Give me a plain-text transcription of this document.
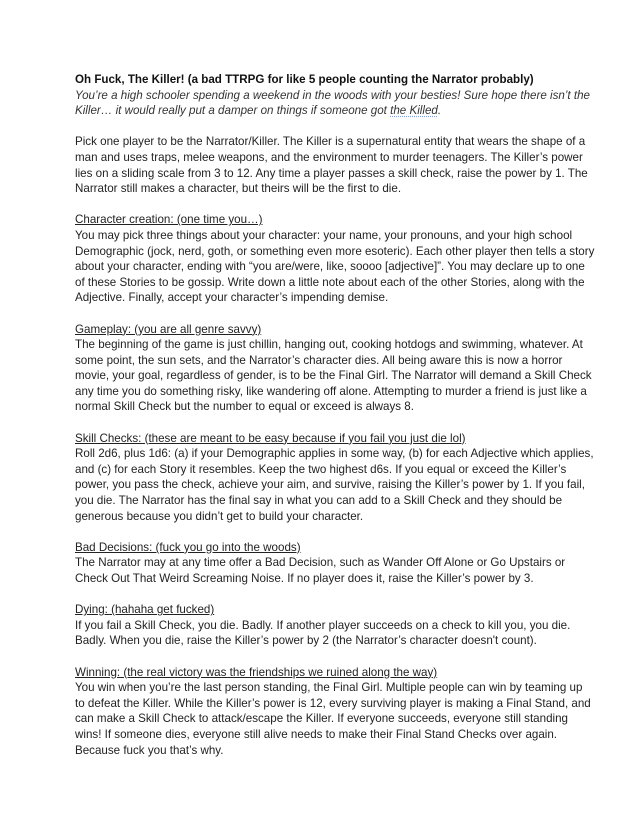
Oh Fuck, The Killer! (a bad TTRPG for like 5 people counting the Narrator probably)

You’re a high schooler spending a weekend in the woods with your besties! Sure hope there isn’t the Killer… it would really put a damper on things if someone got the Killed.

Pick one player to be the Narrator/Killer. The Killer is a supernatural entity that wears the shape of a man and uses traps, melee weapons, and the environment to murder teenagers. The Killer’s power lies on a sliding scale from 3 to 12. Any time a player passes a skill check, raise the power by 1. The Narrator still makes a character, but theirs will be the first to die.

Character creation: (one time you…)

You may pick three things about your character: your name, your pronouns, and your high school Demographic (jock, nerd, goth, or something even more esoteric). Each other player then tells a story about your character, ending with “you are/were, like, soooo [adjective]”. You may declare up to one of these Stories to be gossip. Write down a little note about each of the other Stories, along with the Adjective. Finally, accept your character’s impending demise.

Gameplay: (you are all genre savvy)

The beginning of the game is just chillin, hanging out, cooking hotdogs and swimming, whatever. At some point, the sun sets, and the Narrator’s character dies. All being aware this is now a horror movie, your goal, regardless of gender, is to be the Final Girl. The Narrator will demand a Skill Check any time you do something risky, like wandering off alone. Attempting to murder a friend is just like a normal Skill Check but the number to equal or exceed is always 8.

Skill Checks: (these are meant to be easy because if you fail you just die lol)

Roll 2d6, plus 1d6: (a) if your Demographic applies in some way, (b) for each Adjective which applies, and (c) for each Story it resembles. Keep the two highest d6s. If you equal or exceed the Killer’s power, you pass the check, achieve your aim, and survive, raising the Killer’s power by 1. If you fail, you die. The Narrator has the final say in what you can add to a Skill Check and they should be generous because you didn’t get to build your character.

Bad Decisions: (fuck you go into the woods)

The Narrator may at any time offer a Bad Decision, such as Wander Off Alone or Go Upstairs or Check Out That Weird Screaming Noise. If no player does it, raise the Killer’s power by 3.

Dying: (hahaha get fucked)

If you fail a Skill Check, you die. Badly. If another player succeeds on a check to kill you, you die. Badly. When you die, raise the Killer’s power by 2 (the Narrator’s character doesn't count).

Winning: (the real victory was the friendships we ruined along the way)

You win when you’re the last person standing, the Final Girl. Multiple people can win by teaming up to defeat the Killer. While the Killer’s power is 12, every surviving player is making a Final Stand, and can make a Skill Check to attack/escape the Killer. If everyone succeeds, everyone still standing wins! If someone dies, everyone still alive needs to make their Final Stand Checks over again. Because fuck you that’s why.
